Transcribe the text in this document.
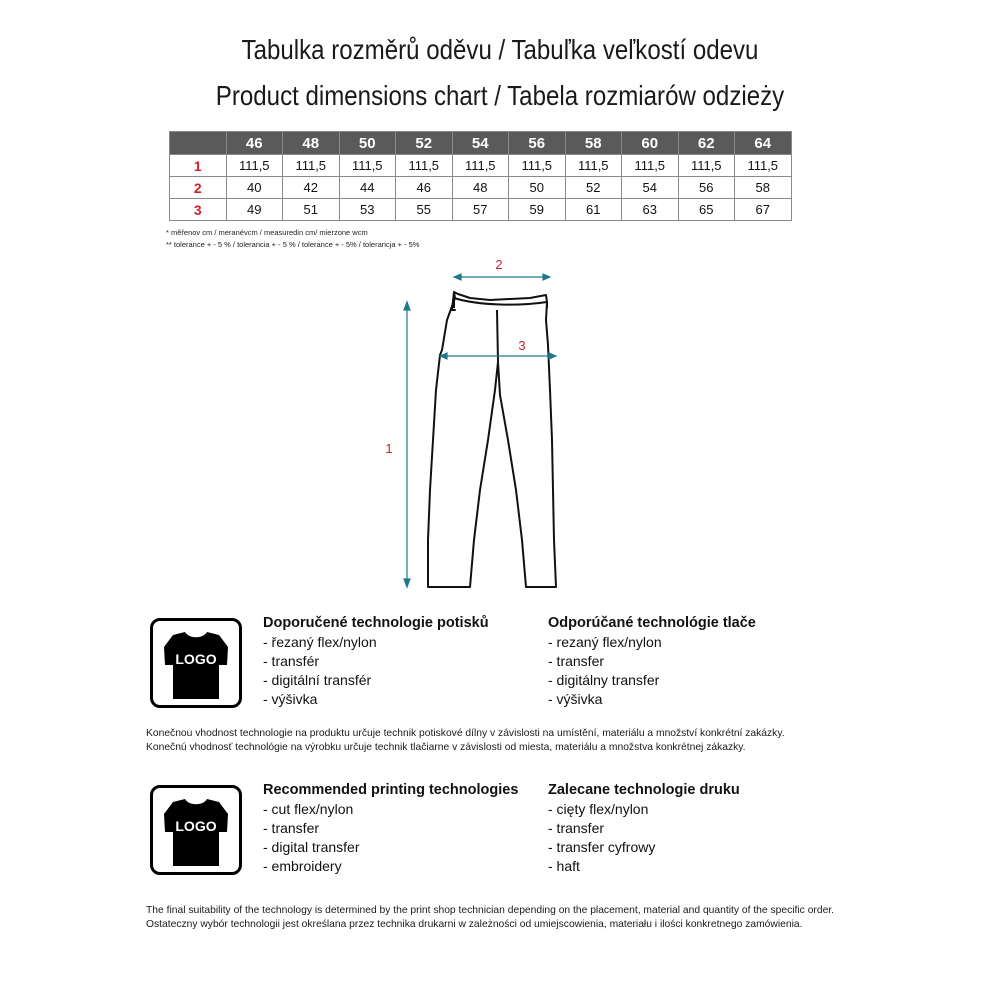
Tabulka rozměrů oděvu / Tabuľka veľkostí odevu
Product dimensions chart / Tabela rozmiarów odzieży
	46	48	50	52	54	56	58	60	62	64
1	111,5	111,5	111,5	111,5	111,5	111,5	111,5	111,5	111,5	111,5
2	40	42	44	46	48	50	52	54	56	58
3	49	51	53	55	57	59	61	63	65	67
* měřenov cm / meranévcm / measuredin cm/ mierzone wcm
** tolerance + - 5 % / tolerancia + - 5 % / tolerance + - 5% / tolerancja + - 5%
2
3
1
LOGO
Doporučené technologie potisků
- řezaný flex/nylon
- transfér
- digitální transfér
- výšivka
Odporúčané technológie tlače
- rezaný flex/nylon
- transfer
- digitálny transfer
- výšivka
Konečnou vhodnost technologie na produktu určuje technik potiskové dílny v závislosti na umístění, materiálu a množství konkrétní zakázky.
Konečnú vhodnosť technológie na výrobku určuje technik tlačiarne v závislosti od miesta, materiálu a množstva konkrétnej zákazky.
LOGO
Recommended printing technologies
- cut flex/nylon
- transfer
- digital transfer
- embroidery
Zalecane technologie druku
- cięty flex/nylon
- transfer
- transfer cyfrowy
- haft
The final suitability of the technology is determined by the print shop technician depending on the placement, material and quantity of the specific order.
Ostateczny wybór technologii jest określana przez technika drukarni w zależności od umiejscowienia, materiału i ilości konkretnego zamówienia.
